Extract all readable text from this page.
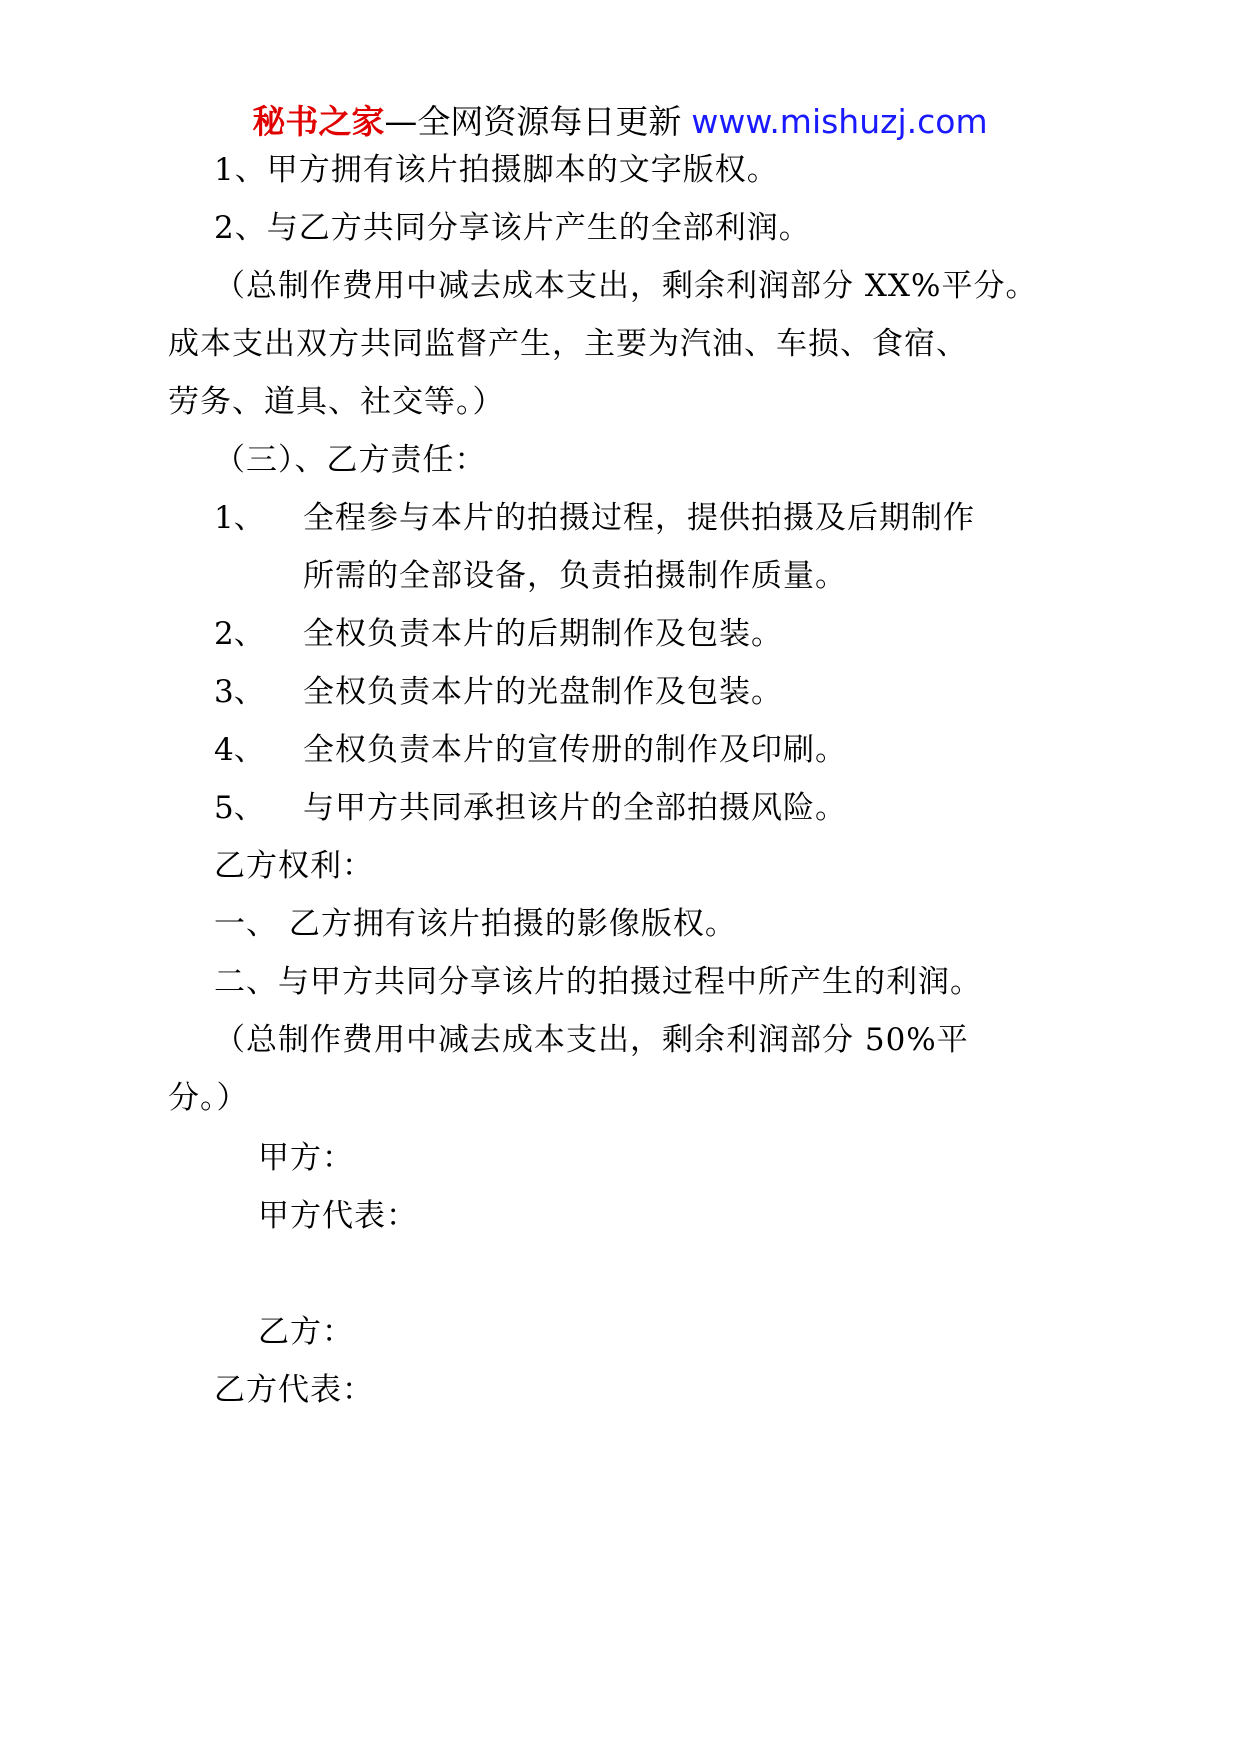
秘书之家—全网资源每日更新 www.mishuzj.com
1、甲方拥有该片拍摄脚本的文字版权。
2、与乙方共同分享该片产生的全部利润。
（总制作费用中减去成本支出，剩余利润部分 XX%平分。
成本支出双方共同监督产生，主要为汽油、车损、食宿、
劳务、道具、社交等。）
（三）、乙方责任：
1、 全程参与本片的拍摄过程，提供拍摄及后期制作
所需的全部设备，负责拍摄制作质量。
2、 全权负责本片的后期制作及包装。
3、 全权负责本片的光盘制作及包装。
4、 全权负责本片的宣传册的制作及印刷。
5、 与甲方共同承担该片的全部拍摄风险。
乙方权利：
一、 乙方拥有该片拍摄的影像版权。
二、与甲方共同分享该片的拍摄过程中所产生的利润。
（总制作费用中减去成本支出，剩余利润部分 50%平
分。）
甲方：
甲方代表：
乙方：
乙方代表：
